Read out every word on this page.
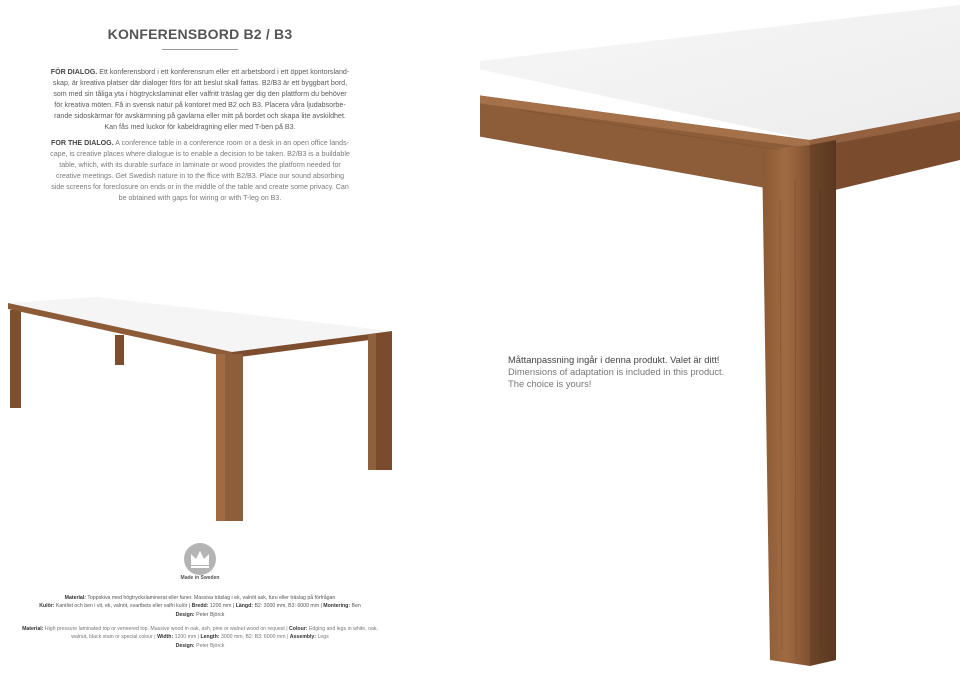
KONFERENSBORD B2 / B3
FÖR DIALOG. Ett konferensbord i ett konferensrum eller ett arbetsbord i ett öppet kontorslandskap, är kreativa platser där dialoger förs för att beslut skall fattas. B2/B3 är ett byggbart bord, som med sin tåliga yta i högtryckslaminat eller valfritt träslag ger dig den plattform du behöver för kreativa möten. Få in svensk natur på kontoret med B2 och B3. Placera våra ljudabsorberande sidoskärmar för avskärmning på gavlarna eller mitt på bordet och skapa lite avskildhet. Kan fås med luckor för kabeldragning eller med T-ben på B3.
FOR THE DIALOG. A conference table in a conference room or a desk in an open office landscape, is creative places where dialogue is to enable a decision to be taken. B2/B3 is a buildable table, which, with its durable surface in laminate or wood provides the platform needed for creative meetings. Get Swedish nature in to the ffice with B2/B3. Place our sound absorbing side screens for foreclosure on ends or in the middle of the table and create some privacy. Can be obtained with gaps for wiring or with T-leg on B3.
Made in Sweden
Material: Toppskiva med högtryckslaminerat eller faner. Massiva träslag i ek, valnöt ask, furu eller träslag på förfrågan
Kulör: Kantlist och ben i vit, ek, valnöt, svartbets eller valfri kulör | Bredd: 1200 mm | Längd: B2: 3000 mm, B3: 6000 mm | Montering: Ben
Design: Peter Björck
Material: High pressure laminated top or veneered top. Massive wood in oak, ash, pine or walnut wood on request | Colour: Edging and legs in white, oak, walnut, black stain or special colour | Width: 1200 mm | Length: 3000 mm, B2: B3: 6000 mm | Assembly: Legs
Design: Peter Björck
Måttanpassning ingår i denna produkt. Valet är ditt!
Dimensions of adaptation is included in this product.
The choice is yours!
